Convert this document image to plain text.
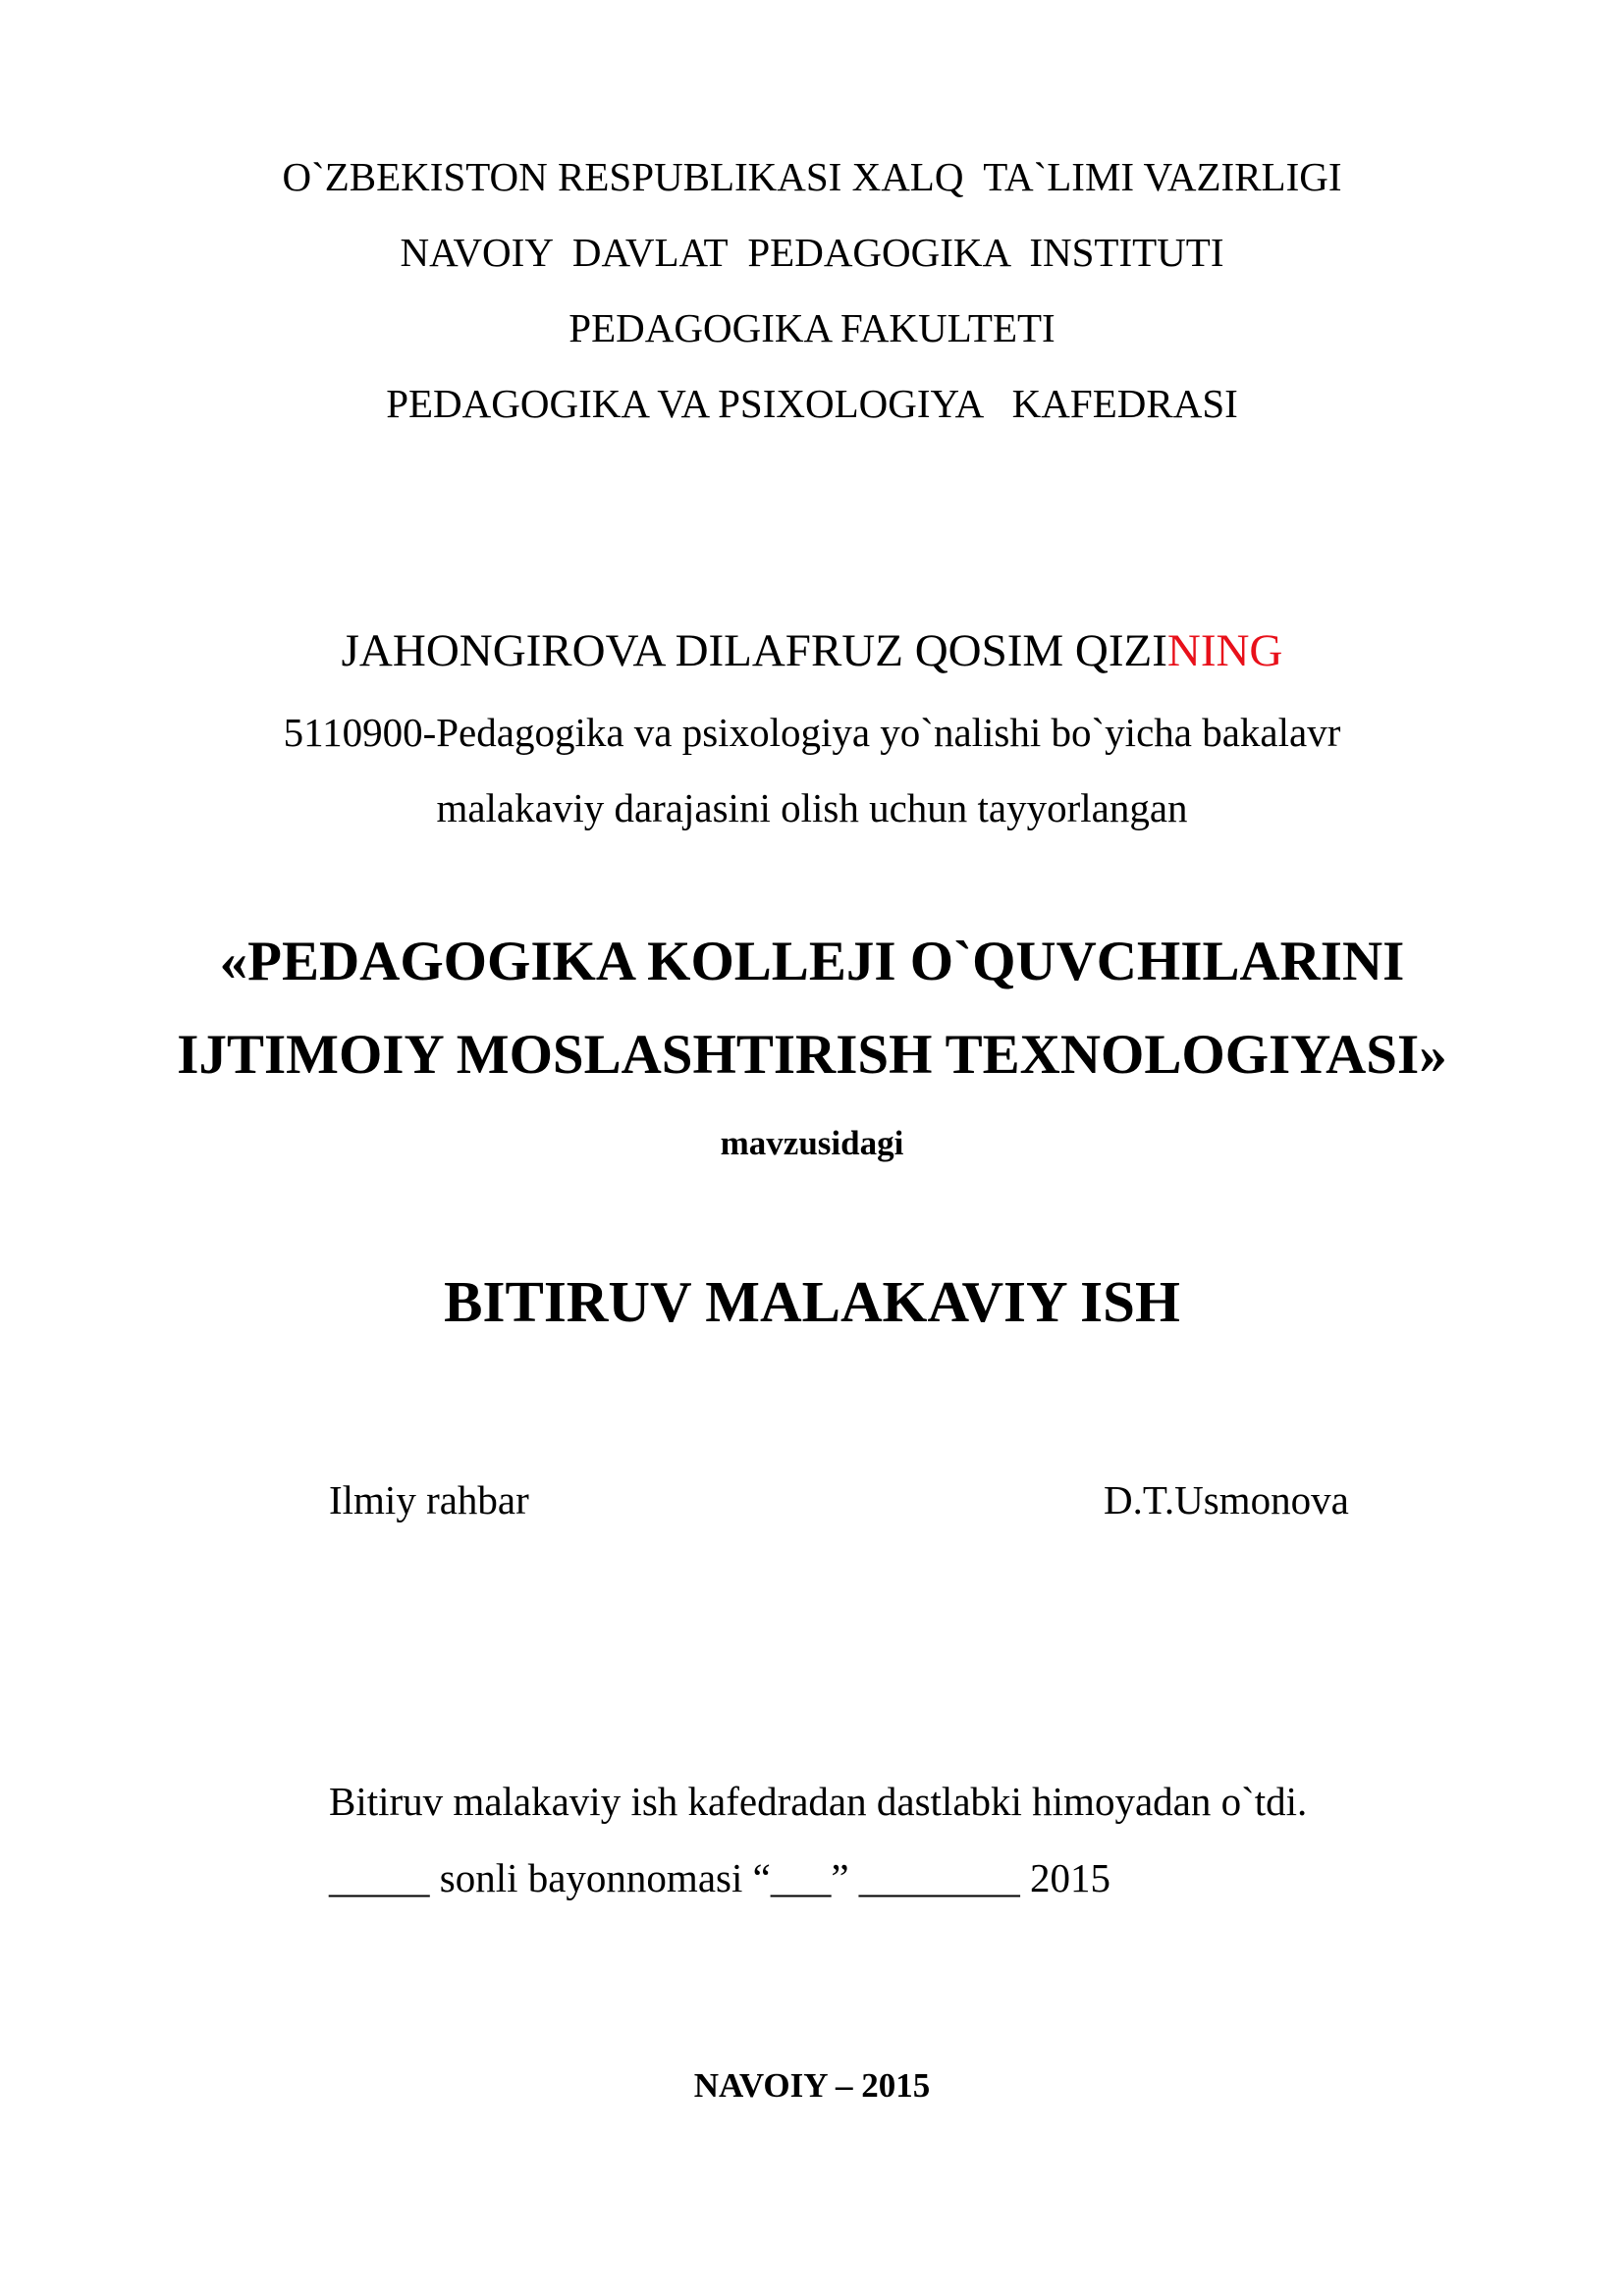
O`ZBEKISTON RESPUBLIKASI XALQ  TA`LIMI VAZIRLIGI
NAVOIY  DAVLAT  PEDAGOGIKA  INSTITUTI
PEDAGOGIKA FAKULTETI
PEDAGOGIKA VA PSIXOLOGIYA   KAFEDRASI
JAHONGIROVA DILAFRUZ QOSIM QIZINING
5110900-Pedagogika va psixologiya yo`nalishi bo`yicha bakalavr
malakaviy darajasini olish uchun tayyorlangan
«PEDAGOGIKA KOLLEJI O`QUVCHILARINI
IJTIMOIY MOSLASHTIRISH TEXNOLOGIYASI»
mavzusidagi
BITIRUV MALAKAVIY ISH
Ilmiy rahbar	D.T.Usmonova
Bitiruv malakaviy ish kafedradan dastlabki himoyadan o`tdi.
_____ sonli bayonnomasi “___” ________ 2015
NAVOIY – 2015
